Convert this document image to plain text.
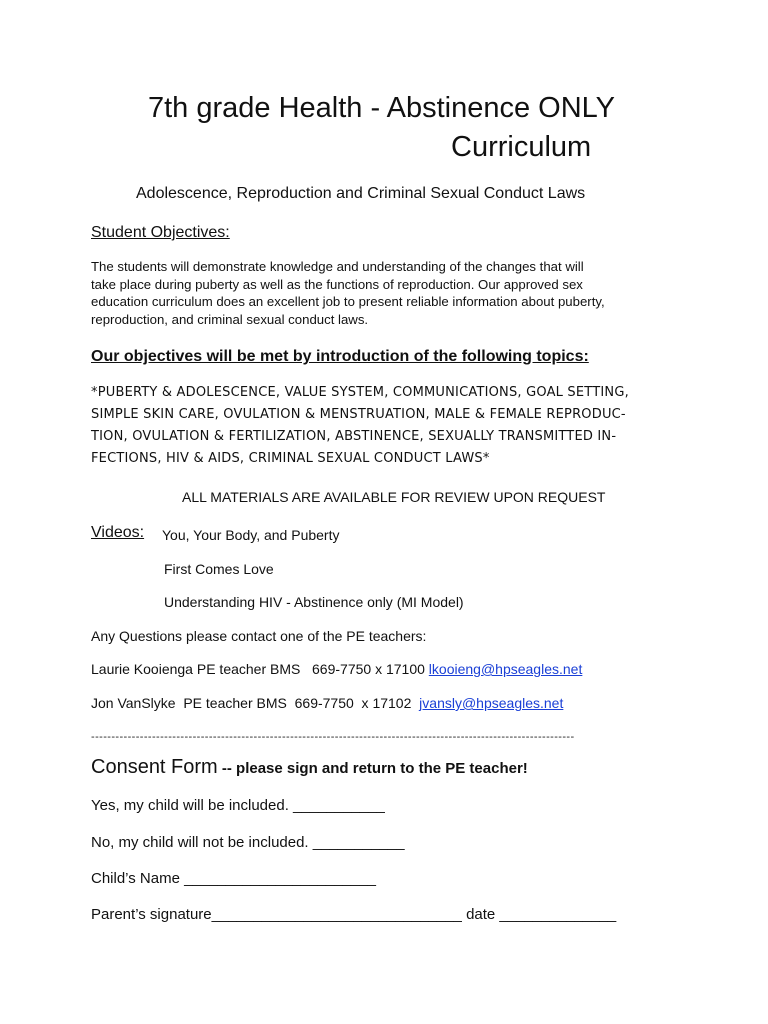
7th grade Health - Abstinence ONLY
Curriculum
Adolescence, Reproduction and Criminal Sexual Conduct Laws
Student Objectives:
The students will demonstrate knowledge and understanding of the changes that will
take place during puberty as well as the functions of reproduction. Our approved sex
education curriculum does an excellent job to present reliable information about puberty,
reproduction, and criminal sexual conduct laws.
Our objectives will be met by introduction of the following topics:
*PUBERTY & ADOLESCENCE, VALUE SYSTEM, COMMUNICATIONS, GOAL SETTING,
SIMPLE SKIN CARE, OVULATION & MENSTRUATION, MALE & FEMALE REPRODUC-
TION, OVULATION & FERTILIZATION, ABSTINENCE, SEXUALLY TRANSMITTED IN-
FECTIONS, HIV & AIDS, CRIMINAL SEXUAL CONDUCT LAWS*
ALL MATERIALS ARE AVAILABLE FOR REVIEW UPON REQUEST
Videos: You, Your Body, and Puberty
First Comes Love
Understanding HIV - Abstinence only (MI Model)
Any Questions please contact one of the PE teachers:
Laurie Kooienga PE teacher BMS   669-7750 x 17100 lkooieng@hpseagles.net
Jon VanSlyke  PE teacher BMS  669-7750  x 17102  jvansly@hpseagles.net
-----------------------------------------------------------------------------------------------------------------------
Consent Form -- please sign and return to the PE teacher!
Yes, my child will be included. ___________
No, my child will not be included. ___________
Child’s Name _______________________
Parent’s signature______________________________ date ______________
